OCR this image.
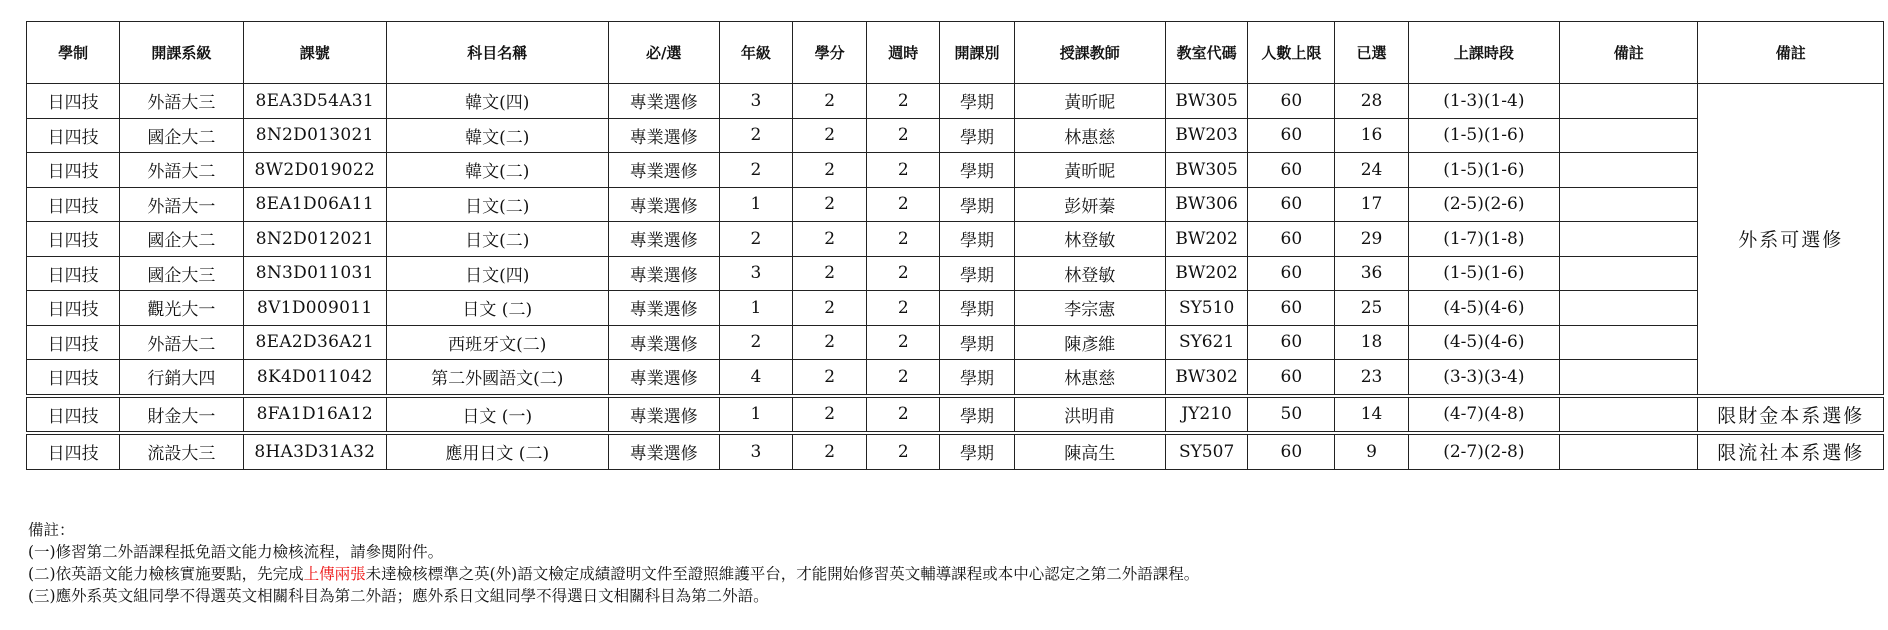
學制	開課系級	課號	科目名稱	必/選	年級	學分	週時	開課別	授課教師	教室代碼	人數上限	已選	上課時段	備註	備註
日四技	外語大三	8EA3D54A31	韓文(四)	專業選修	3	2	2	學期	黃昕昵	BW305	60	28	(1-3)(1-4)		外系可選修
日四技	國企大二	8N2D013021	韓文(二)	專業選修	2	2	2	學期	林惠慈	BW203	60	16	(1-5)(1-6)		
日四技	外語大二	8W2D019022	韓文(二)	專業選修	2	2	2	學期	黃昕昵	BW305	60	24	(1-5)(1-6)		
日四技	外語大一	8EA1D06A11	日文(二)	專業選修	1	2	2	學期	彭妍蓁	BW306	60	17	(2-5)(2-6)		
日四技	國企大二	8N2D012021	日文(二)	專業選修	2	2	2	學期	林登敏	BW202	60	29	(1-7)(1-8)		
日四技	國企大三	8N3D011031	日文(四)	專業選修	3	2	2	學期	林登敏	BW202	60	36	(1-5)(1-6)		
日四技	觀光大一	8V1D009011	日文 (二)	專業選修	1	2	2	學期	李宗憲	SY510	60	25	(4-5)(4-6)		
日四技	外語大二	8EA2D36A21	西班牙文(二)	專業選修	2	2	2	學期	陳彥維	SY621	60	18	(4-5)(4-6)		
日四技	行銷大四	8K4D011042	第二外國語文(二)	專業選修	4	2	2	學期	林惠慈	BW302	60	23	(3-3)(3-4)		
日四技	財金大一	8FA1D16A12	日文 (一)	專業選修	1	2	2	學期	洪明甫	JY210	50	14	(4-7)(4-8)		限財金本系選修
日四技	流設大三	8HA3D31A32	應用日文 (二)	專業選修	3	2	2	學期	陳高生	SY507	60	9	(2-7)(2-8)		限流社本系選修
備註：
(一)修習第二外語課程抵免語文能力檢核流程，請參閱附件。
(二)依英語文能力檢核實施要點，先完成上傳兩張未達檢核標準之英(外)語文檢定成績證明文件至證照維護平台，才能開始修習英文輔導課程或本中心認定之第二外語課程。
(三)應外系英文組同學不得選英文相關科目為第二外語；應外系日文組同學不得選日文相關科目為第二外語。
